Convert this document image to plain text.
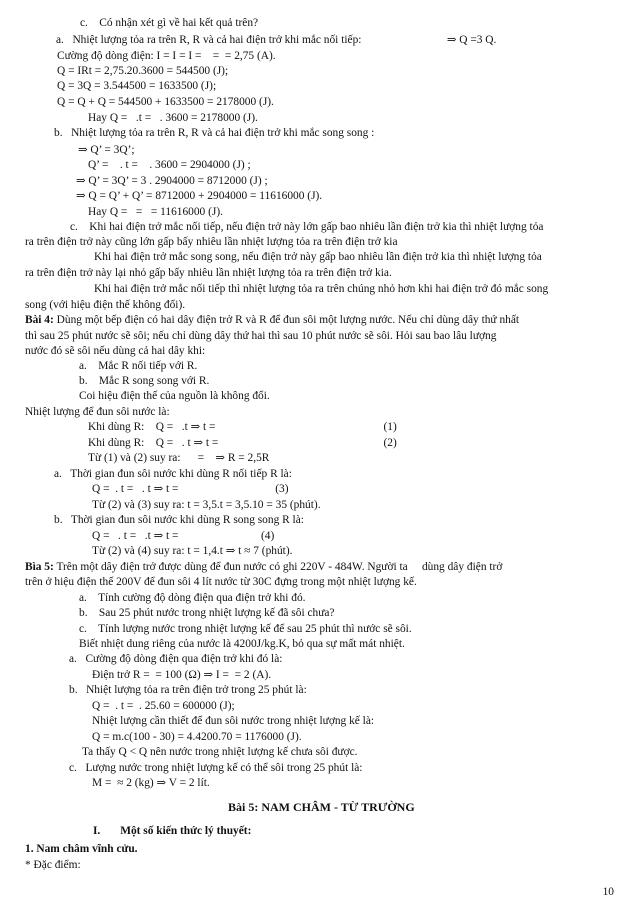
c.    Có nhận xét gì về hai kết quả trên?
a.   Nhiệt lượng tỏa ra trên R, R và cả hai điện trở khi mắc nối tiếp:                              ⇒ Q =3 Q.
Cường độ dòng điện: I = I = I =    =  = 2,75 (A).
Q = IRt = 2,75.20.3600 = 544500 (J);
Q = 3Q = 3.544500 = 1633500 (J);
Q = Q + Q = 544500 + 1633500 = 2178000 (J).
Hay Q =   .t =   . 3600 = 2178000 (J).
b.   Nhiệt lượng tỏa ra trên R, R và cả hai điện trở khi mắc song song :
⇒ Q’ = 3Q’;
Q’ =    . t =    . 3600 = 2904000 (J) ;
⇒ Q’ = 3Q’ = 3 . 2904000 = 8712000 (J) ;
⇒ Q = Q’ + Q’ = 8712000 + 2904000 = 11616000 (J).
Hay Q =   =   = 11616000 (J).
c.    Khi hai điện trở mắc nối tiếp, nếu điện trở này lớn gấp bao nhiêu lần điện trở kia thì nhiệt lượng tỏa
ra trên điện trở này cũng lớn gấp bấy nhiêu lần nhiệt lượng tỏa ra trên điện trở kia
Khi hai điện trở mắc song song, nếu điện trở này gấp bao nhiêu lần điện trở kia thì nhiệt lượng tỏa
ra trên điện trở này lại nhỏ gấp bấy nhiêu lần nhiệt lượng tỏa ra trên điện trở kia.
Khi hai điện trở mắc nối tiếp thì nhiệt lượng tỏa ra trên chúng nhỏ hơn khi hai điện trở đó mắc song
song (với hiệu điện thế không đổi).
Bài 4: Dùng một bếp điện có hai dây điện trở R và R để đun sôi một lượng nước. Nếu chỉ dùng dây thứ nhất
thì sau 25 phút nước sẽ sôi; nếu chỉ dùng dây thứ hai thì sau 10 phút nước sẽ sôi. Hỏi sau bao lâu lượng
nước đó sẽ sôi nếu dùng cả hai dây khi:
a.    Mắc R nối tiếp với R.
b.    Mắc R song song với R.
Coi hiệu điện thế của nguồn là không đổi.
Nhiệt lượng để đun sôi nước là:
Khi dùng R:    Q =   .t ⇒ t =                                                           (1)
Khi dùng R:    Q =   . t ⇒ t =                                                          (2)
Từ (1) và (2) suy ra:      =    ⇒ R = 2,5R
a.   Thời gian đun sôi nước khi dùng R nối tiếp R là:
Q =  . t =   . t ⇒ t =                                  (3)
Từ (2) và (3) suy ra: t = 3,5.t = 3,5.10 = 35 (phút).
b.   Thời gian đun sôi nước khi dùng R song song R là:
Q =   . t =   .t ⇒ t =                             (4)
Từ (2) và (4) suy ra: t = 1,4.t ⇒ t ≈ 7 (phút).
Bìa 5: Trên một dây điện trở được dùng để đun nước có ghi 220V - 484W. Người ta     dùng dây điện trở
trên ở hiệu điện thế 200V để đun sôi 4 lít nước từ 30C đựng trong một nhiệt lượng kế.
a.    Tính cường độ dòng điện qua điện trở khi đó.
b.    Sau 25 phút nước trong nhiệt lượng kế đã sôi chưa?
c.    Tính lượng nước trong nhiệt lượng kế để sau 25 phút thì nước sẽ sôi.
Biết nhiệt dung riêng của nước là 4200J/kg.K, bỏ qua sự mất mát nhiệt.
a.   Cường độ dòng điện qua điện trở khi đó là:
Điện trở R =  = 100 (Ω) ⇒ I =  = 2 (A).
b.   Nhiệt lượng tỏa ra trên điện trở trong 25 phút là:
Q =  . t =  . 25.60 = 600000 (J);
Nhiệt lượng cần thiết để đun sôi nước trong nhiệt lượng kế là:
Q = m.c(100 - 30) = 4.4200.70 = 1176000 (J).
Ta thấy Q < Q nên nước trong nhiệt lượng kế chưa sôi được.
c.   Lượng nước trong nhiệt lượng kế có thể sôi trong 25 phút là:
M =  ≈ 2 (kg) ⇒ V = 2 lít.
Bài 5: NAM CHÂM - TỪ TRƯỜNG
I.       Một số kiến thức lý thuyết:
1. Nam châm vĩnh cửu.
* Đặc điểm:
10
